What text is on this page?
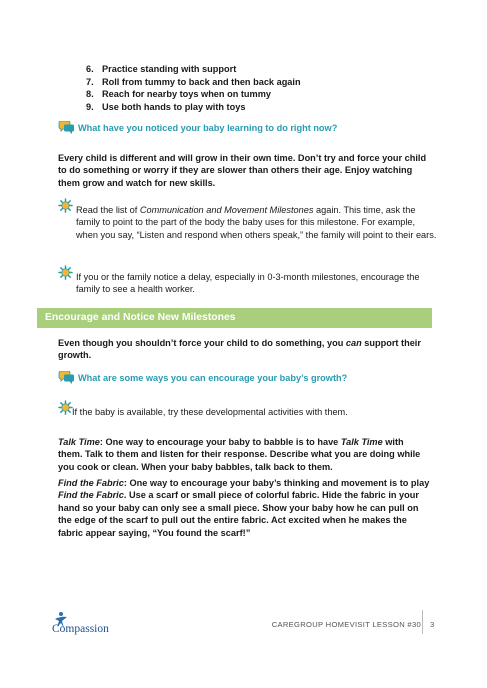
6. Practice standing with support
7. Roll from tummy to back and then back again
8. Reach for nearby toys when on tummy
9. Use both hands to play with toys
What have you noticed your baby learning to do right now?
Every child is different and will grow in their own time. Don’t try and force your child to do something or worry if they are slower than others their age. Enjoy watching them grow and watch for new skills.
Read the list of Communication and Movement Milestones again. This time, ask the family to point to the part of the body the baby uses for this milestone. For example, when you say, “Listen and respond when others speak,” the family will point to their ears.
If you or the family notice a delay, especially in 0-3-month milestones, encourage the family to see a health worker.
Encourage and Notice New Milestones
Even though you shouldn’t force your child to do something, you can support their growth.
What are some ways you can encourage your baby’s growth?
If the baby is available, try these developmental activities with them.
Talk Time: One way to encourage your baby to babble is to have Talk Time with them. Talk to them and listen for their response. Describe what you are doing while you cook or clean. When your baby babbles, talk back to them.
Find the Fabric: One way to encourage your baby’s thinking and movement is to play Find the Fabric. Use a scarf or small piece of colorful fabric. Hide the fabric in your hand so your baby can only see a small piece. Show your baby how he can pull on the edge of the scarf to pull out the entire fabric. Act excited when he makes the fabric appear saying, “You found the scarf!”
Compassion	CAREGROUP HOMEVISIT LESSON #30 3
